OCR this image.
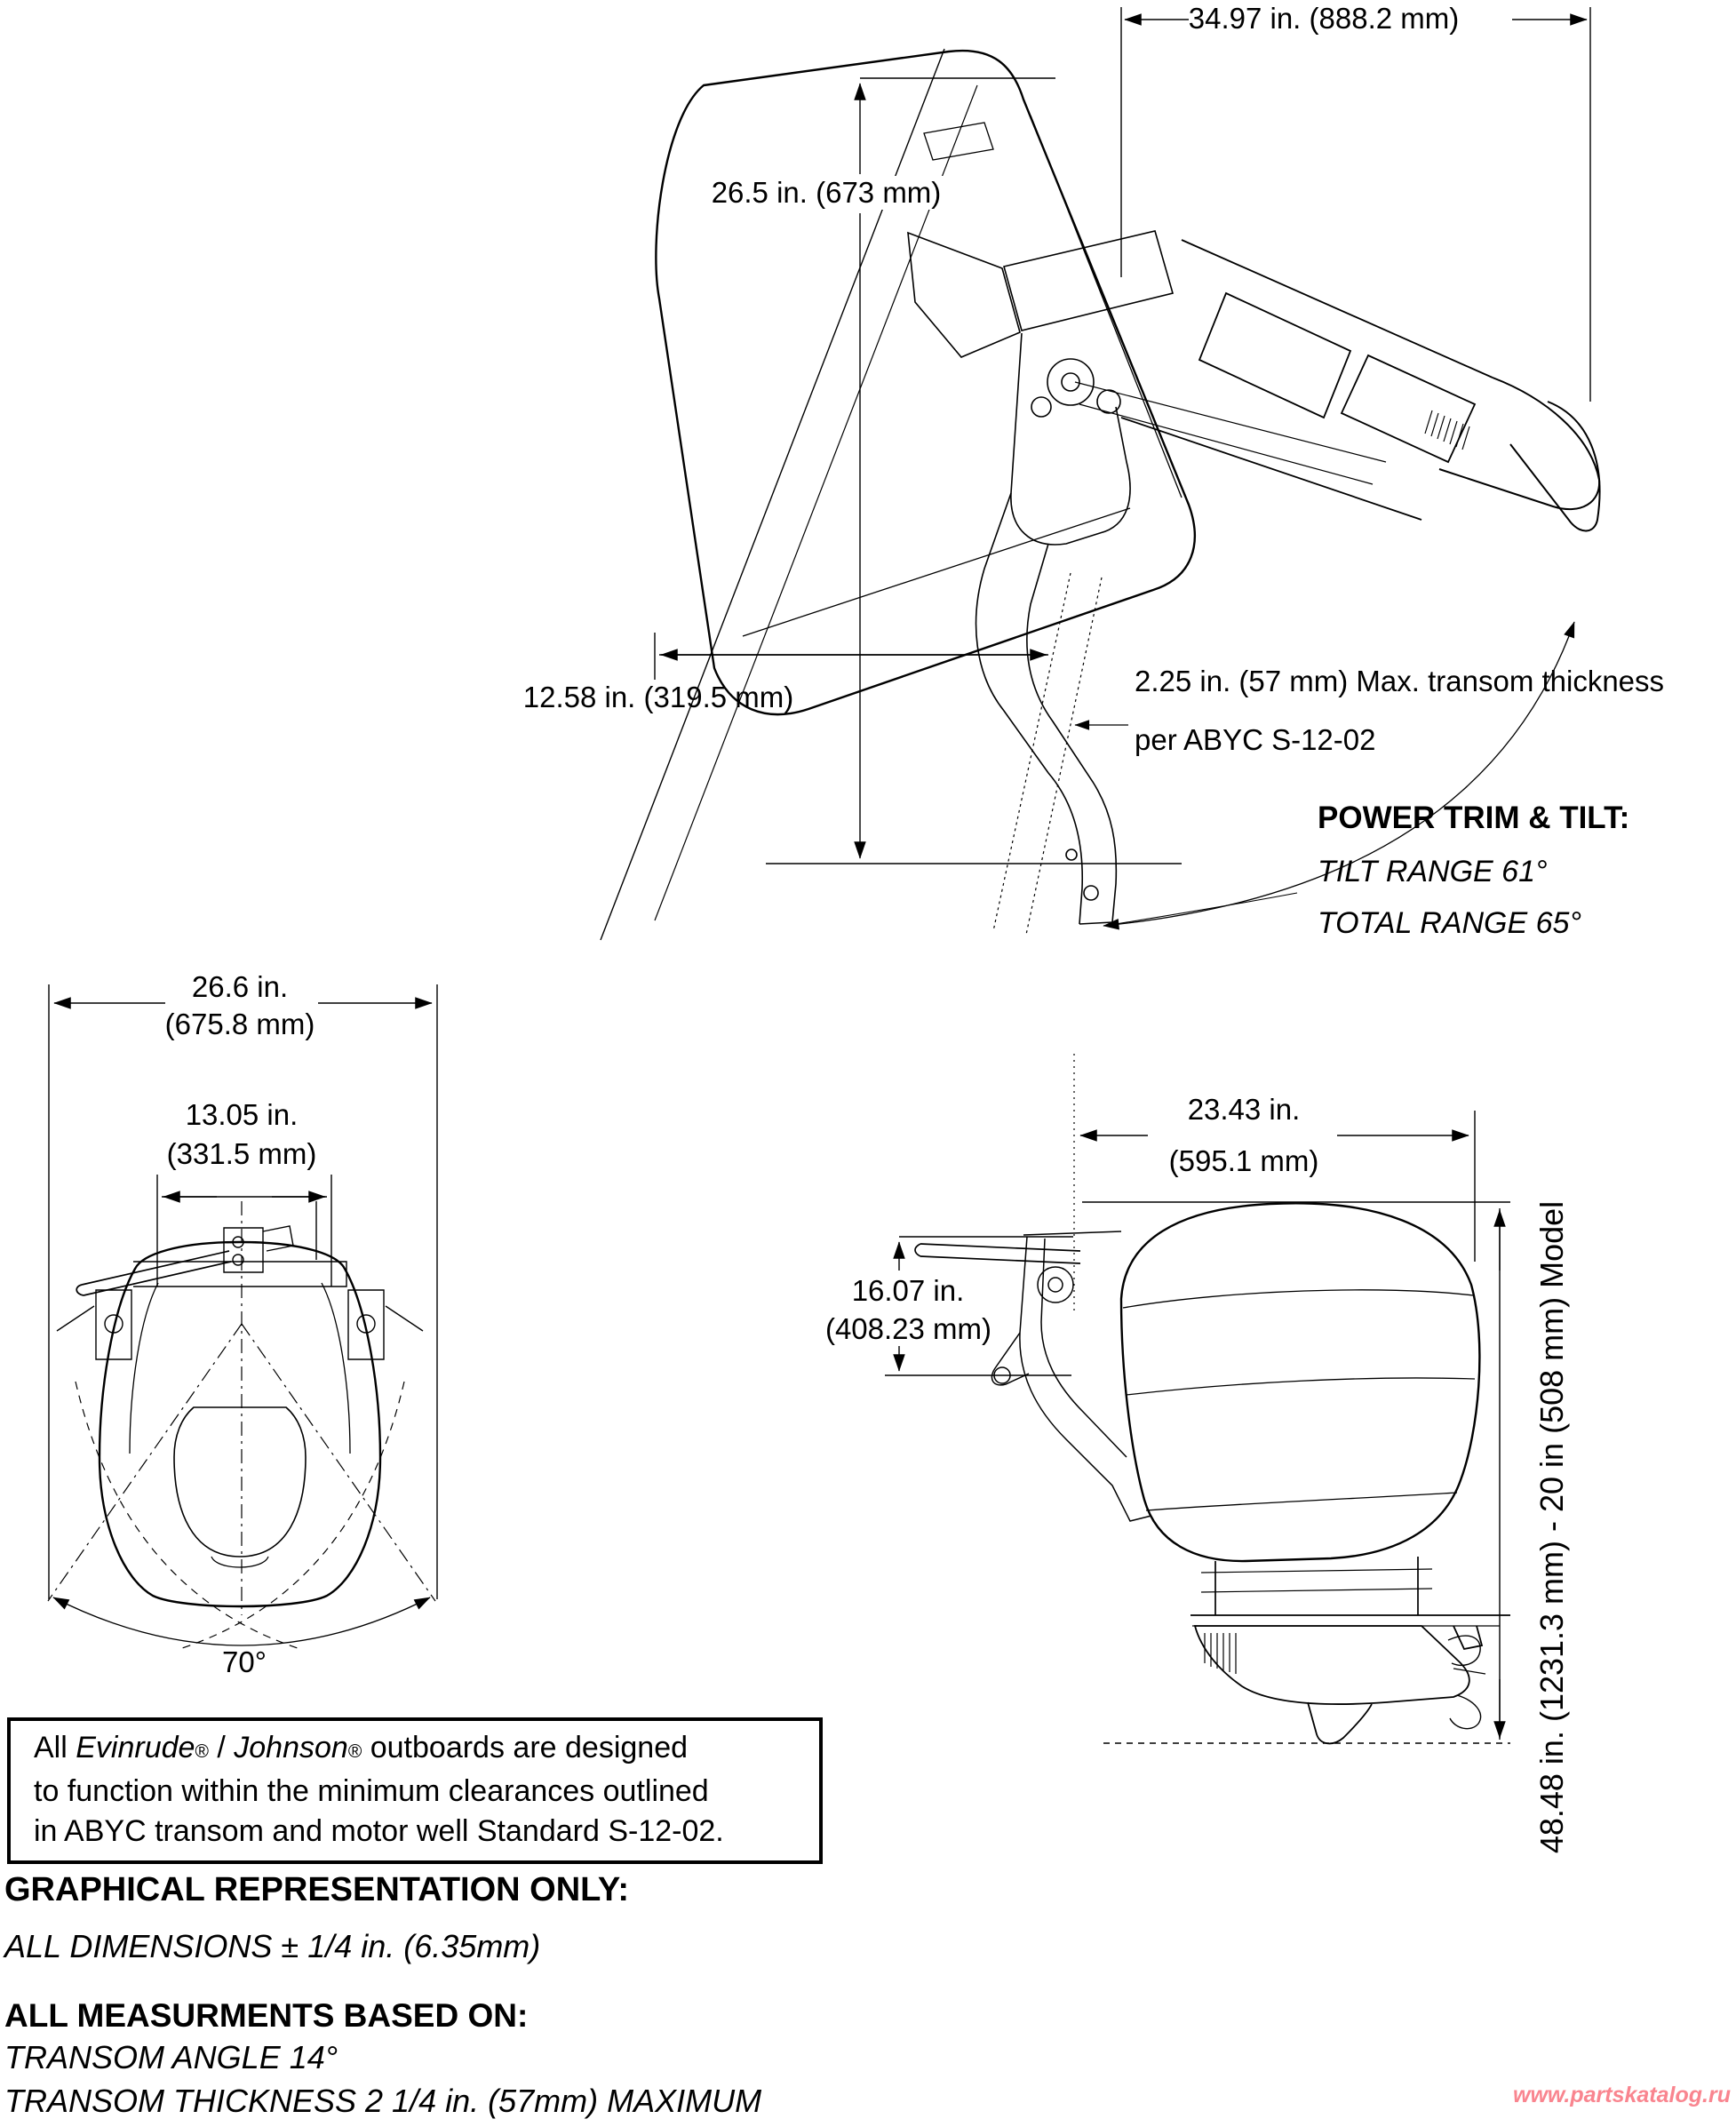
34.97 in. (888.2 mm)
26.5 in. (673 mm)
12.58 in. (319.5 mm)	2.25 in. (57 mm) Max. transom thickness
per ABYC S-12-02
POWER TRIM & TILT:
TILT RANGE 61°
TOTAL RANGE 65°
26.6 in.
(675.8 mm)
13.05 in.
(331.5 mm)
70°
23.43 in.
(595.1 mm)
16.07 in.
(408.23 mm)	48.48 in. (1231.3 mm) - 20 in (508 mm) Model
All Evinrude® / Johnson® outboards are designed
to function within the minimum clearances outlined
in ABYC transom and motor well Standard S-12-02.
GRAPHICAL REPRESENTATION ONLY:
ALL DIMENSIONS ± 1/4 in. (6.35mm)
ALL MEASURMENTS BASED ON:
TRANSOM ANGLE 14°
TRANSOM THICKNESS 2 1/4 in. (57mm) MAXIMUM	www.partskatalog.ru
